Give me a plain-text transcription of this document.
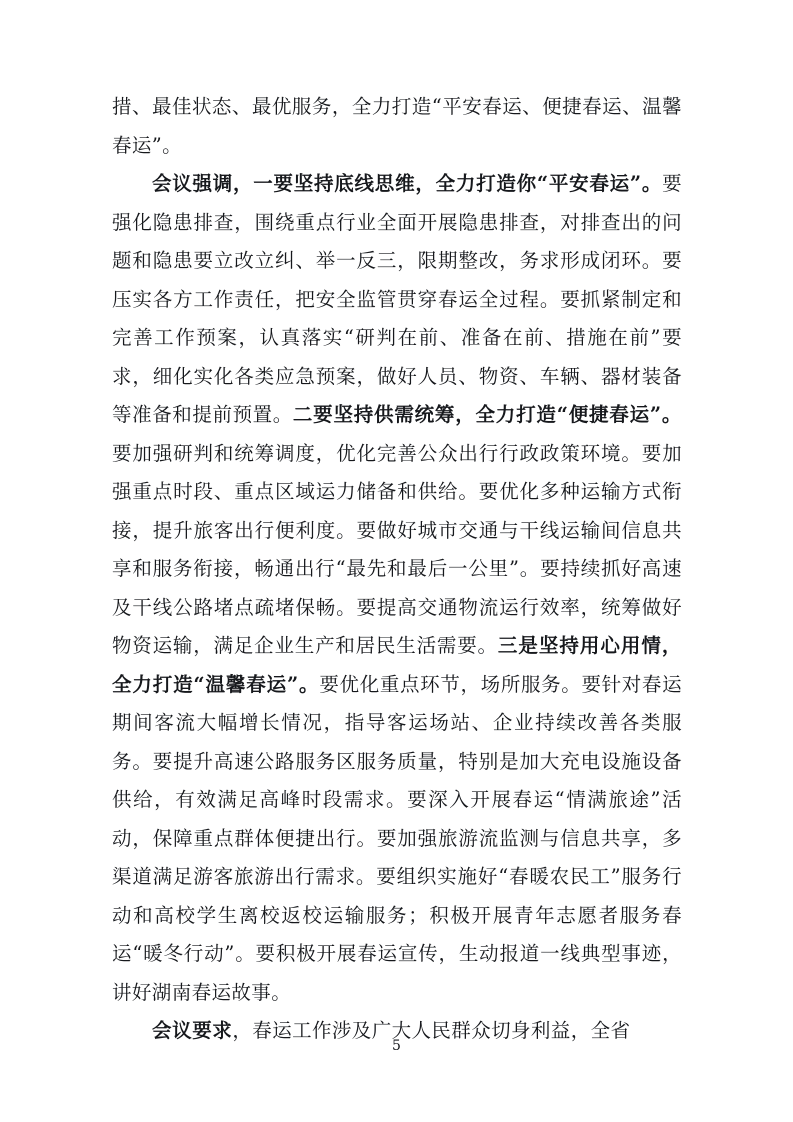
措、最佳状态、最优服务，全力打造“平安春运、便捷春运、温馨春运”。

会议强调，一要坚持底线思维，全力打造你“平安春运”。要强化隐患排查，围绕重点行业全面开展隐患排查，对排查出的问题和隐患要立改立纠、举一反三，限期整改，务求形成闭环。要压实各方工作责任，把安全监管贯穿春运全过程。要抓紧制定和完善工作预案，认真落实“研判在前、准备在前、措施在前”要求，细化实化各类应急预案，做好人员、物资、车辆、器材装备等准备和提前预置。二要坚持供需统筹，全力打造“便捷春运”。要加强研判和统筹调度，优化完善公众出行行政政策环境。要加强重点时段、重点区域运力储备和供给。要优化多种运输方式衔接，提升旅客出行便利度。要做好城市交通与干线运输间信息共享和服务衔接，畅通出行“最先和最后一公里”。要持续抓好高速及干线公路堵点疏堵保畅。要提高交通物流运行效率，统筹做好物资运输，满足企业生产和居民生活需要。三是坚持用心用情，全力打造“温馨春运”。要优化重点环节，场所服务。要针对春运期间客流大幅增长情况，指导客运场站、企业持续改善各类服务。要提升高速公路服务区服务质量，特别是加大充电设施设备供给，有效满足高峰时段需求。要深入开展春运“情满旅途”活动，保障重点群体便捷出行。要加强旅游流监测与信息共享，多渠道满足游客旅游出行需求。要组织实施好“春暖农民工”服务行动和高校学生离校返校运输服务；积极开展青年志愿者服务春运“暖冬行动”。要积极开展春运宣传，生动报道一线典型事迹，讲好湖南春运故事。

会议要求，春运工作涉及广大人民群众切身利益，全省

5
